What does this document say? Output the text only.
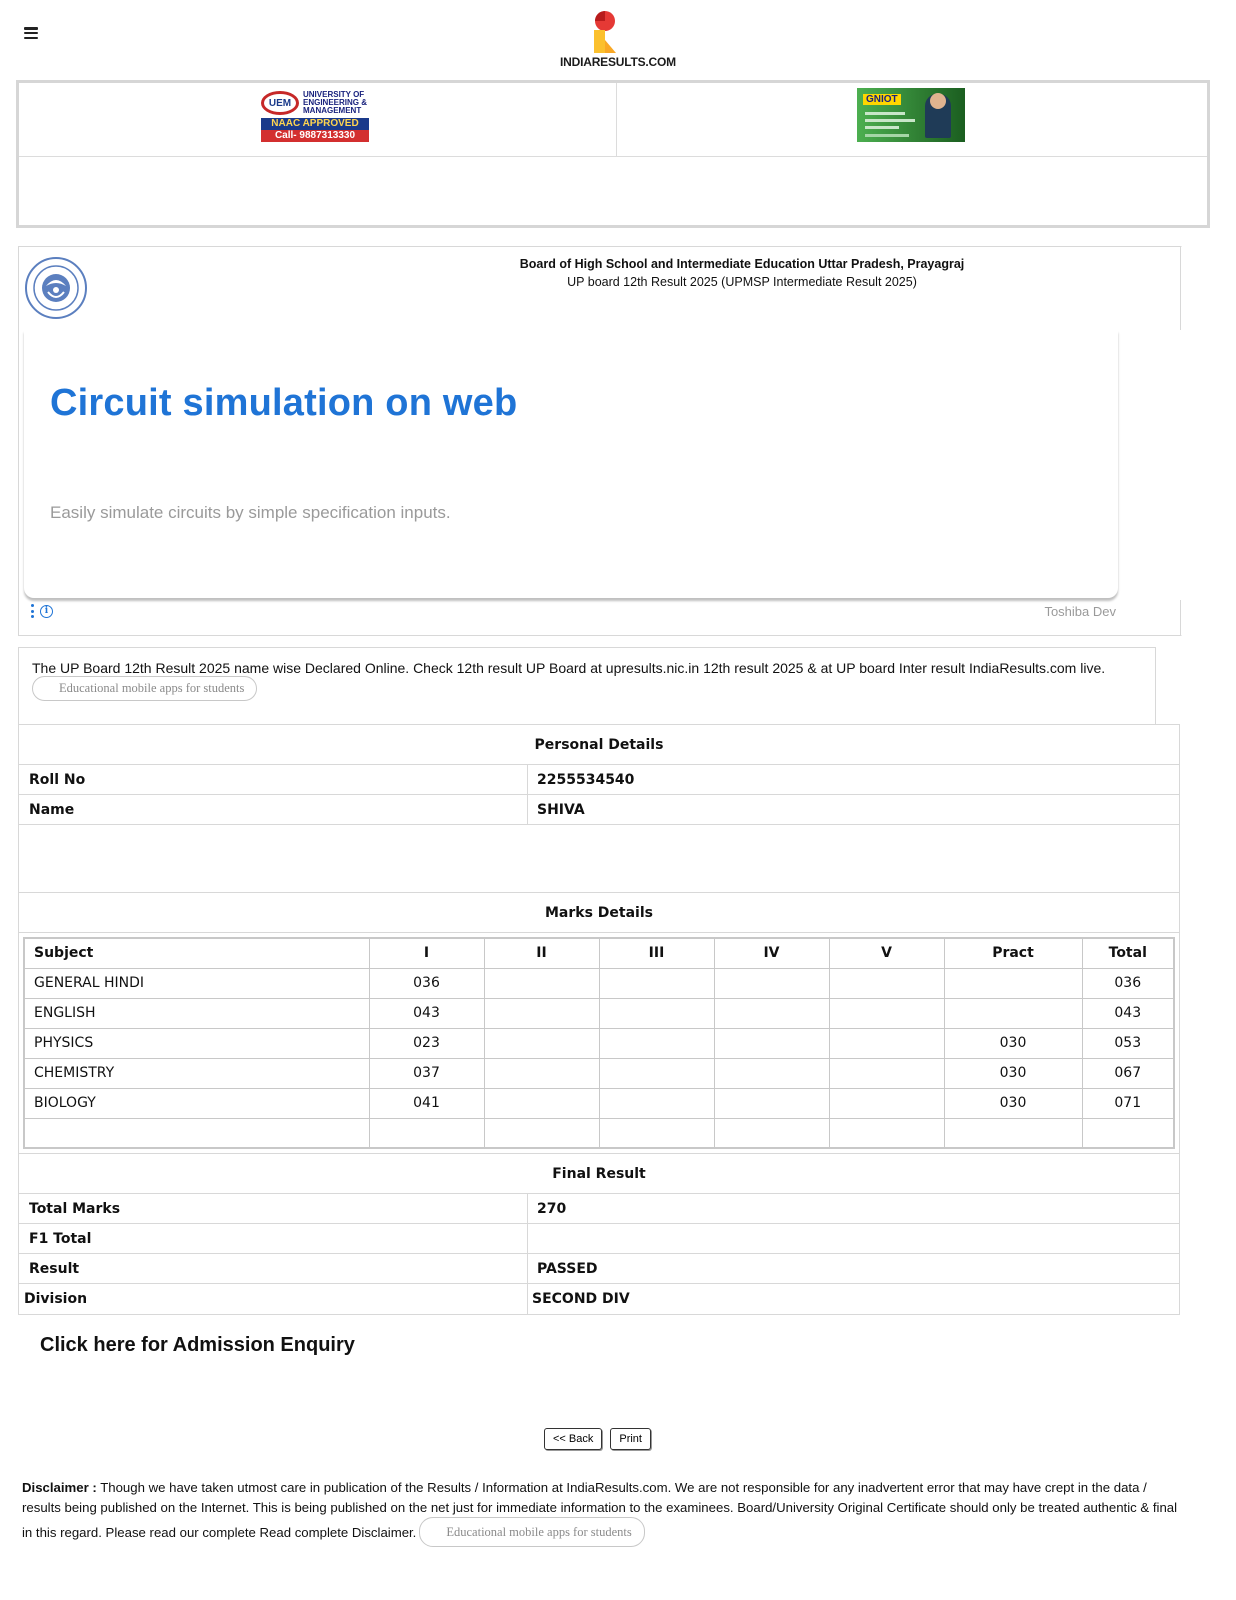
INDIARESULTS.COM
UEM
UNIVERSITY OF
ENGINEERING &
MANAGEMENT
NAAC APPROVED
Call- 9887313330
GNIOT
Board of High School and Intermediate Education Uttar Pradesh, Prayagraj
UP board 12th Result 2025 (UPMSP Intermediate Result 2025)
Circuit simulation on web
Easily simulate circuits by simple specification inputs.
i	Toshiba Dev

The UP Board 12th Result 2025 name wise Declared Online. Check 12th result UP Board at upresults.nic.in 12th result 2025 & at UP board Inter result IndiaResults.com live.

Educational mobile apps for students
Personal Details
Roll No	2255534540
Name	SHIVA
Marks Details
Subject	I	II	III	IV	V	Pract	Total
GENERAL HINDI	036						036
ENGLISH	043						043
PHYSICS	023					030	053
CHEMISTRY	037					030	067
BIOLOGY	041					030	071

Final Result
Total Marks	270
F1 Total
Result	PASSED
Division	SECOND DIV
Click here for Admission Enquiry
<< Back	Print
Disclaimer : Though we have taken utmost care in publication of the Results / Information at IndiaResults.com. We are not responsible for any inadvertent error that may have crept in the data / results being published on the Internet. This is being published on the net just for immediate information to the examinees. Board/University Original Certificate should only be treated authentic & final in this regard. Please read our complete Read complete Disclaimer. Educational mobile apps for students
